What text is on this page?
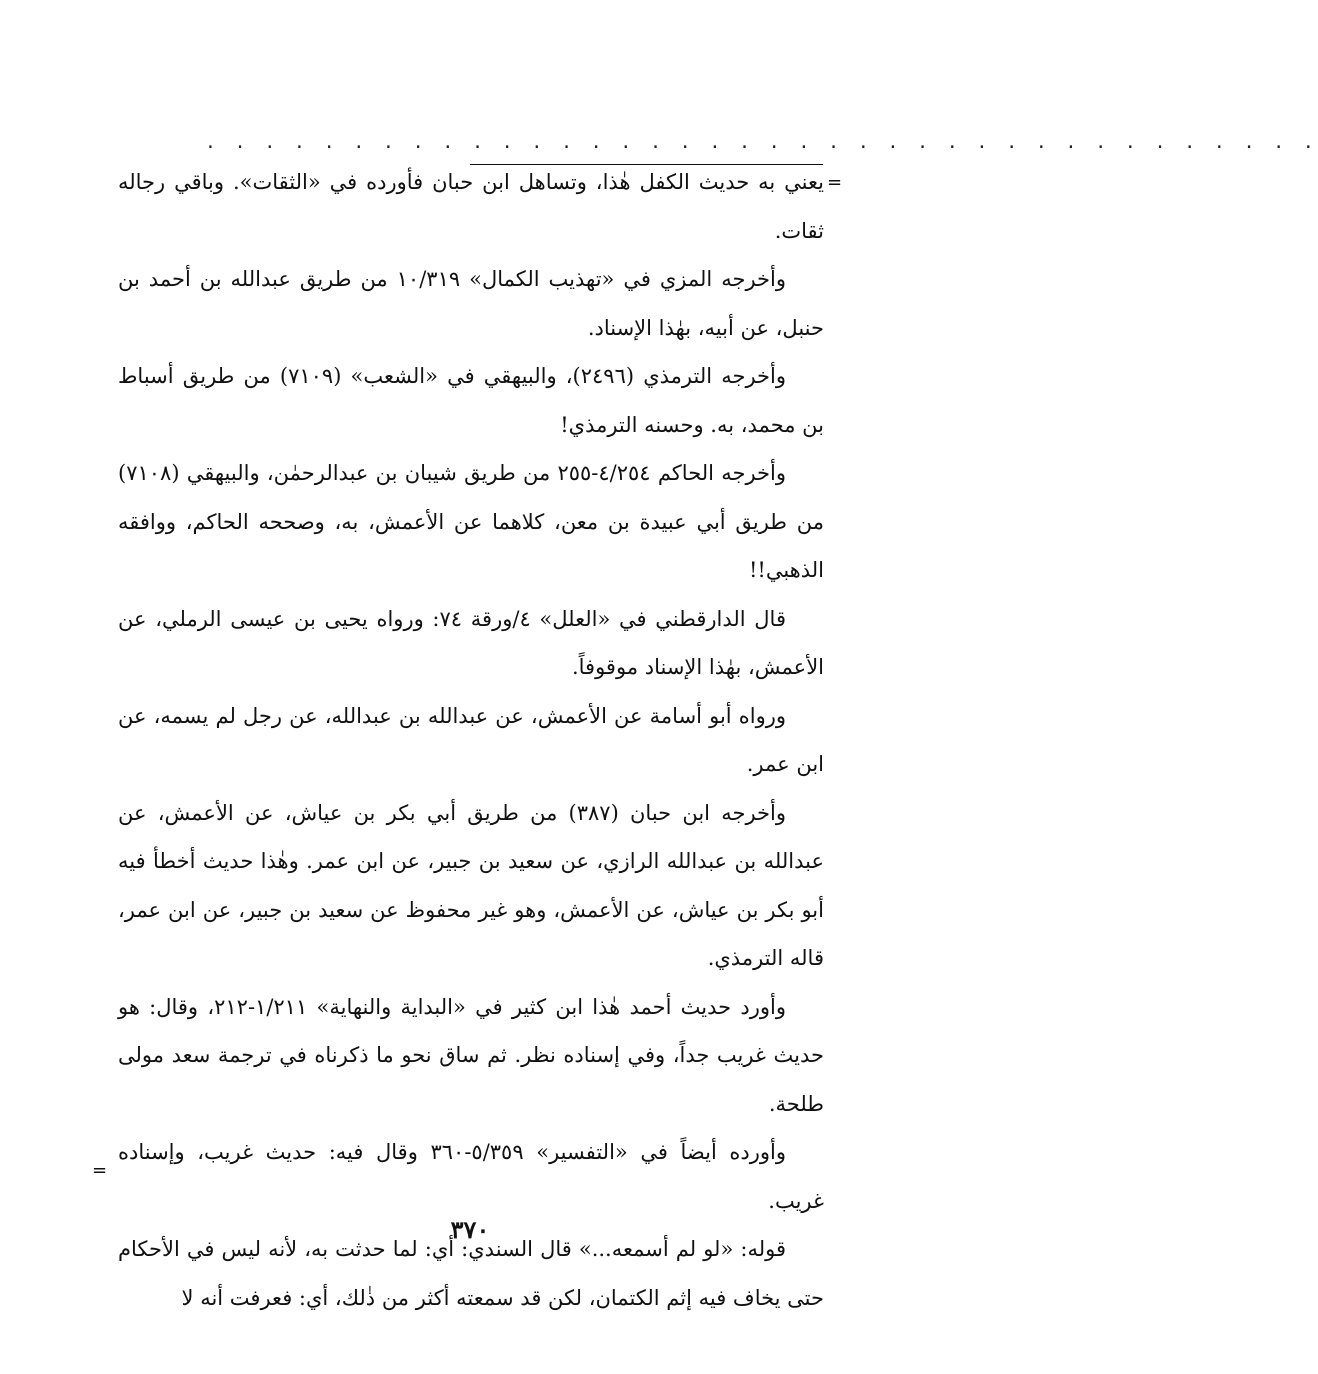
. . . . . . . . . . . . . . . . . . . . . . . . . . . . . . . . . . . . . .
=
=

يعني به حديث الكفل هٰذا، وتساهل ابن حبان فأورده في «الثقات». وباقي رجاله ثقات.

وأخرجه المزي في «تهذيب الكمال» ١٠/٣١٩ من طريق عبدالله بن أحمد بن حنبل، عن أبيه، بهٰذا الإسناد.

وأخرجه الترمذي (٢٤٩٦)، والبيهقي في «الشعب» (٧١٠٩) من طريق أسباط بن محمد، به. وحسنه الترمذي!

وأخرجه الحاكم ٤/٢٥٤-٢٥٥ من طريق شيبان بن عبدالرحمٰن، والبيهقي (٧١٠٨) من طريق أبي عبيدة بن معن، كلاهما عن الأعمش، به، وصححه الحاكم، ووافقه الذهبي!!

قال الدارقطني في «العلل» ٤/ورقة ٧٤: ورواه يحيى بن عيسى الرملي، عن الأعمش، بهٰذا الإسناد موقوفاً.

ورواه أبو أسامة عن الأعمش، عن عبدالله بن عبدالله، عن رجل لم يسمه، عن ابن عمر.

وأخرجه ابن حبان (٣٨٧) من طريق أبي بكر بن عياش، عن الأعمش، عن عبدالله بن عبدالله الرازي، عن سعيد بن جبير، عن ابن عمر. وهٰذا حديث أخطأ فيه أبو بكر بن عياش، عن الأعمش، وهو غير محفوظ عن سعيد بن جبير، عن ابن عمر، قاله الترمذي.

وأورد حديث أحمد هٰذا ابن كثير في «البداية والنهاية» ١/٢١١-٢١٢، وقال: هو حديث غريب جداً، وفي إسناده نظر. ثم ساق نحو ما ذكرناه في ترجمة سعد مولى طلحة.

وأورده أيضاً في «التفسير» ٥/٣٥٩-٣٦٠ وقال فيه: حديث غريب، وإسناده غريب.

قوله: «لو لم أسمعه...» قال السندي: أي: لما حدثت به، لأنه ليس في الأحكام حتى يخاف فيه إثم الكتمان، لكن قد سمعته أكثر من ذٰلك، أي: فعرفت أنه لا

٣٧٠
